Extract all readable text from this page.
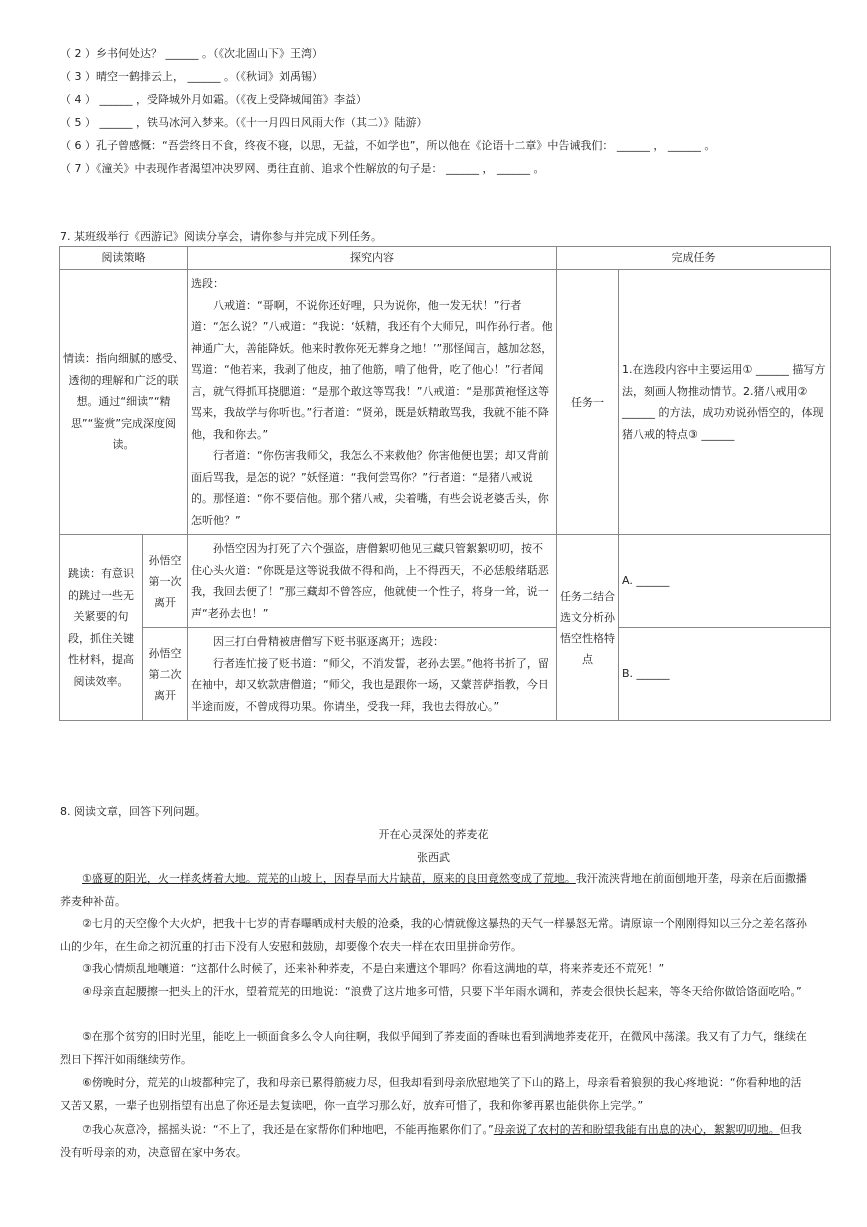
（ 2 ）乡书何处达？ ______ 。（《次北固山下》王湾）
（ 3 ）晴空一鹤排云上， ______ 。（《秋词》刘禹锡）
（ 4 ） ______ ，受降城外月如霜。（《夜上受降城闻笛》李益）
（ 5 ） ______ ，铁马冰河入梦来。（《十一月四日风雨大作（其二）》陆游）
（ 6 ）孔子曾感慨：“吾尝终日不食，终夜不寝，以思，无益，不如学也”，所以他在《论语十二章》中告诫我们： ______ ， ______ 。
（ 7 ）《潼关》中表现作者渴望冲决罗网、勇往直前、追求个性解放的句子是： ______ ， ______ 。
7. 某班级举行《西游记》阅读分享会，请你参与并完成下列任务。
阅读策略		探究内容	完成任务	
情读：指向细腻的感受、透彻的理解和广泛的联想。通过“细读”“精思”“鉴赏”完成深度阅读。		选段：
八戒道：“哥啊，不说你还好哩，只为说你，他一发无状！”行者道：“怎么说？”八戒道：“我说：‘妖精，我还有个大师兄，叫作孙行者。他神通广大，善能降妖。他来时教你死无葬身之地！’”那怪闻言，越加忿怒，骂道：“他若来，我剥了他皮，抽了他筋，啃了他骨，吃了他心！”行者闻言，就气得抓耳挠腮道：“是那个敢这等骂我！”八戒道：“是那黄袍怪这等骂来，我故学与你听也。”行者道：“贤弟，既是妖精敢骂我，我就不能不降他，我和你去。”
行者道：“你伤害我师父，我怎么不来救他？你害他便也罢；却又背前面后骂我，是怎的说？”妖怪道：“我何尝骂你？”行者道：“是猪八戒说的。那怪道：“你不要信他。那个猪八戒，尖着嘴，有些会说老婆舌头，你怎听他？”	任务一	1.在选段内容中主要运用① ______ 描写方法，刻画人物推动情节。2.猪八戒用② ______ 的方法，成功劝说孙悟空的，体现猪八戒的特点③ ______
跳读：有意识的跳过一些无关紧要的句段，抓住关键性材料，提高阅读效率。	孙悟空第一次离开	孙悟空因为打死了六个强盗，唐僧絮叨他见三藏只管絮絮叨叨，按不住心头火道：“你既是这等说我做不得和尚，上不得西天，不必恁般绪聒恶我，我回去便了！”那三藏却不曾答应，他就使一个性子，将身一耸，说一声“老孙去也！”	任务二结合选文分析孙悟空性格特点	A. ______
	孙悟空第二次离开	因三打白骨精被唐僧写下贬书驱逐离开；选段：
行者连忙接了贬书道：“师父，不消发誓，老孙去罢。”他将书折了，留在袖中，却又软款唐僧道；“师父，我也是跟你一场，又蒙菩萨指教，今日半途而废，不曾成得功果。你请坐，受我一拜，我也去得放心。”		B. ______
8. 阅读文章，回答下列问题。
开在心灵深处的荞麦花
张西武
①盛夏的阳光，火一样炙烤着大地。荒芜的山坡上，因春旱而大片缺苗，原来的良田竟然变成了荒地。我汗流浃背地在前面刨地开垄，母亲在后面撒播荞麦种补苗。
②七月的天空像个大火炉，把我十七岁的青春曝晒成村夫般的沧桑，我的心情就像这暴热的天气一样暴怒无常。请原谅一个刚刚得知以三分之差名落孙山的少年，在生命之初沉重的打击下没有人安慰和鼓励，却要像个农夫一样在农田里拼命劳作。
③我心情烦乱地嚷道：“这都什么时候了，还来补种荞麦，不是白来遭这个罪吗？你看这满地的草，将来荞麦还不荒死！”
④母亲直起腰擦一把头上的汗水，望着荒芜的田地说：“浪费了这片地多可惜，只要下半年雨水调和，荞麦会很快长起来，等冬天给你做饸饹面吃哈。”
⑤在那个贫穷的旧时光里，能吃上一顿面食多么令人向往啊，我似乎闻到了荞麦面的香味也看到满地荞麦花开，在微风中荡漾。我又有了力气，继续在烈日下挥汗如雨继续劳作。
⑥傍晚时分，荒芜的山坡都种完了，我和母亲已累得筋疲力尽，但我却看到母亲欣慰地笑了下山的路上，母亲看着狼狈的我心疼地说：“你看种地的活又苦又累，一辈子也别指望有出息了你还是去复读吧，你一直学习那么好，放弃可惜了，我和你爹再累也能供你上完学。”
⑦我心灰意冷，摇摇头说：“不上了，我还是在家帮你们种地吧，不能再拖累你们了。”母亲说了农村的苦和盼望我能有出息的决心，絮絮叨叨地。但我没有听母亲的劝，决意留在家中务农。
